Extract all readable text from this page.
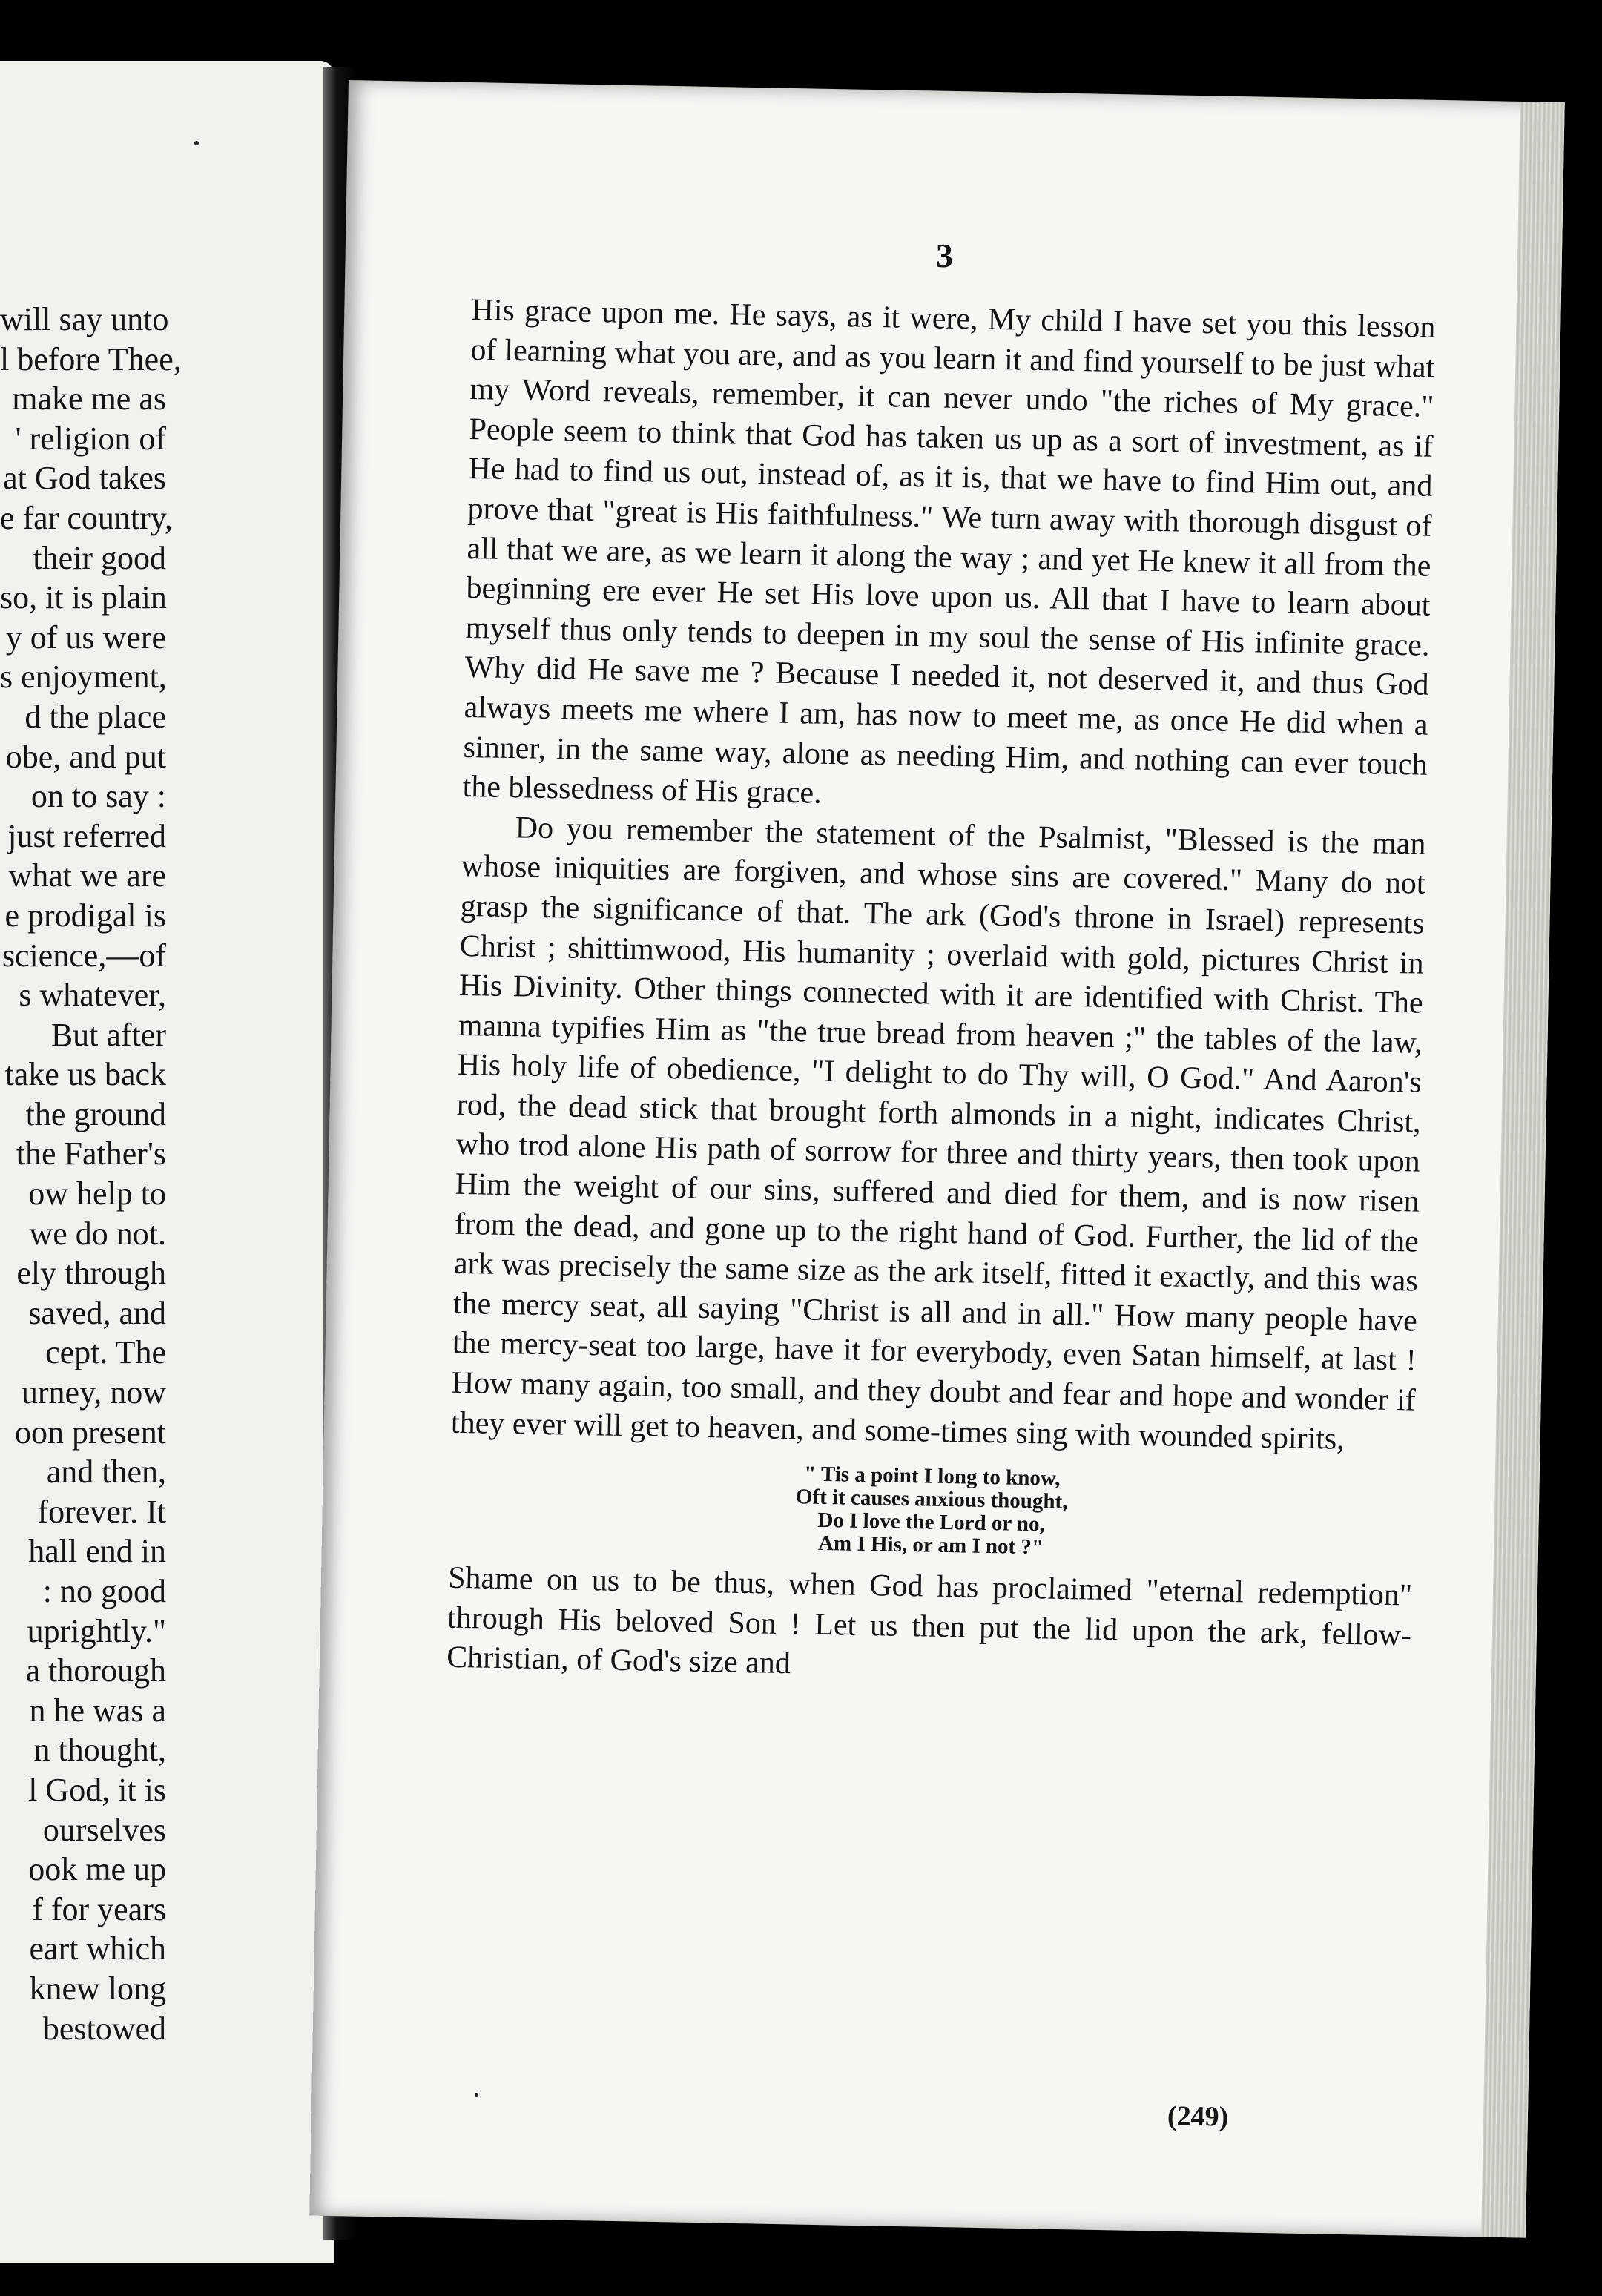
will say unto
l before Thee,
make me as
' religion of
at God takes
e far country,
their good
so, it is plain
y of us were
s enjoyment,
d the place
obe, and put
on to say :
just referred
what we are
e prodigal is
science,—of
s whatever,
But after
take us back
the ground
the Father's
ow help to
we do not.
ely through
saved, and
cept. The
urney, now
oon present
and then,
forever. It
hall end in
: no good
uprightly."
a thorough
n he was a
n thought,
l God, it is
ourselves
ook me up
f for years
eart which
knew long
bestowed
3

His grace upon me. He says, as it were, My child I have set you this lesson of learning what you are, and as you learn it and find yourself to be just what my Word reveals, remember, it can never undo "the riches of My grace." People seem to think that God has taken us up as a sort of investment, as if He had to find us out, instead of, as it is, that we have to find Him out, and prove that "great is His faithfulness." We turn away with thorough disgust of all that we are, as we learn it along the way ; and yet He knew it all from the beginning ere ever He set His love upon us. All that I have to learn about myself thus only tends to deepen in my soul the sense of His infinite grace. Why did He save me ? Because I needed it, not deserved it, and thus God always meets me where I am, has now to meet me, as once He did when a sinner, in the same way, alone as needing Him, and nothing can ever touch the blessedness of His grace.

Do you remember the statement of the Psalmist, "Blessed is the man whose iniquities are forgiven, and whose sins are covered." Many do not grasp the significance of that. The ark (God's throne in Israel) represents Christ ; shittimwood, His humanity ; overlaid with gold, pictures Christ in His Divinity. Other things connected with it are identified with Christ. The manna typifies Him as "the true bread from heaven ;" the tables of the law, His holy life of obedience, "I delight to do Thy will, O God." And Aaron's rod, the dead stick that brought forth almonds in a night, indicates Christ, who trod alone His path of sorrow for three and thirty years, then took upon Him the weight of our sins, suffered and died for them, and is now risen from the dead, and gone up to the right hand of God. Further, the lid of the ark was precisely the same size as the ark itself, fitted it exactly, and this was the mercy seat, all saying "Christ is all and in all." How many people have the mercy-seat too large, have it for everybody, even Satan himself, at last ! How many again, too small, and they doubt and fear and hope and wonder if they ever will get to heaven, and some-times sing with wounded spirits,

" Tis a point I long to know,
Oft it causes anxious thought,
Do I love the Lord or no,
Am I His, or am I not ?"

Shame on us to be thus, when God has proclaimed "eternal redemption" through His beloved Son ! Let us then put the lid upon the ark, fellow-Christian, of God's size and

(249)
